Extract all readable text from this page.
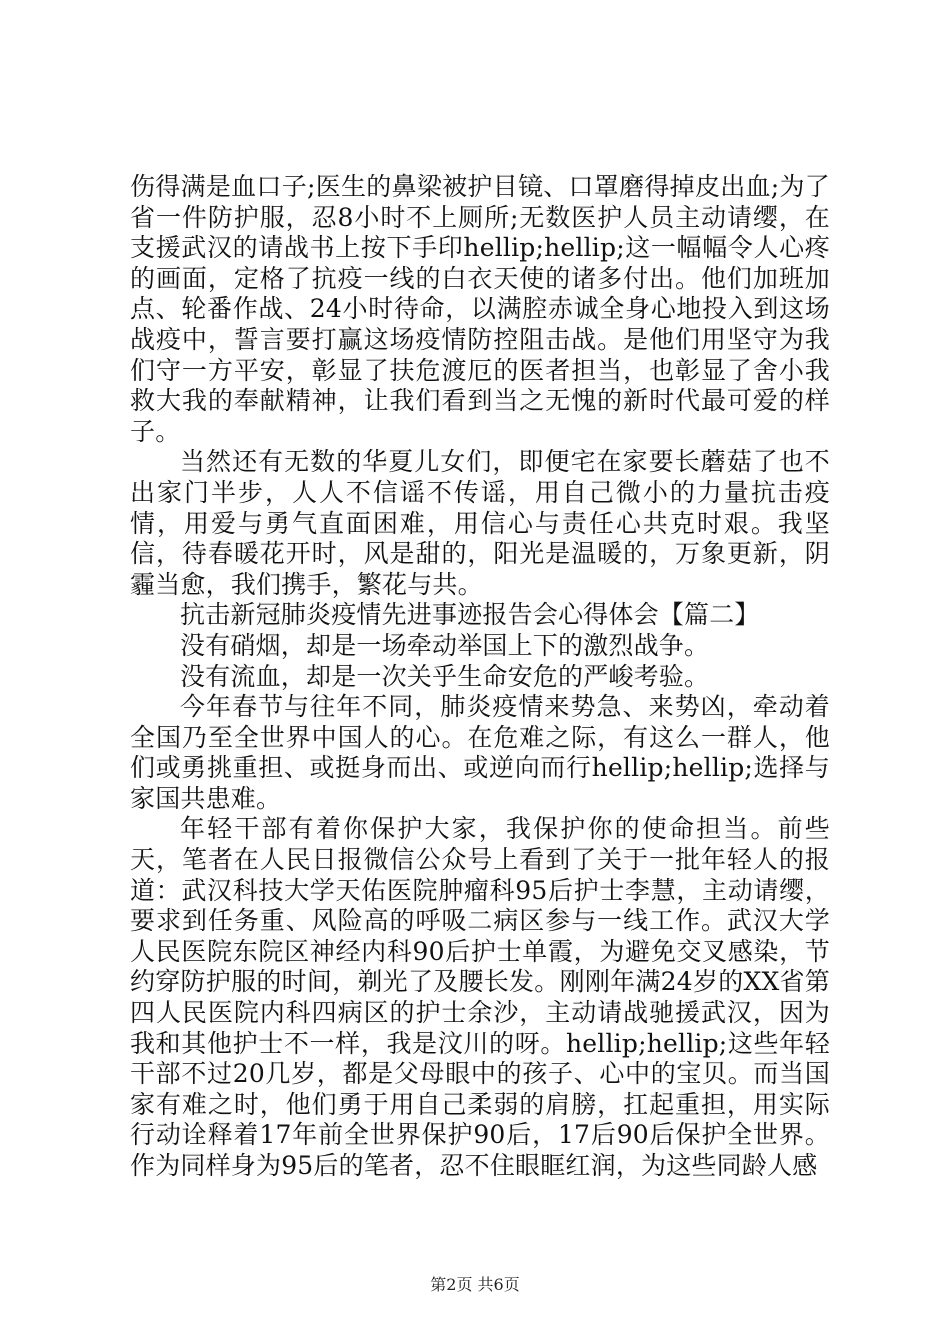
伤得满是血口子;医生的鼻梁被护目镜、口罩磨得掉皮出血;为了省一件防护服，忍8小时不上厕所;无数医护人员主动请缨，在支援武汉的请战书上按下手印hellip;hellip;这一幅幅令人心疼的画面，定格了抗疫一线的白衣天使的诸多付出。他们加班加点、轮番作战、24小时待命，以满腔赤诚全身心地投入到这场战疫中，誓言要打赢这场疫情防控阻击战。是他们用坚守为我们守一方平安，彰显了扶危渡厄的医者担当，也彰显了舍小我救大我的奉献精神，让我们看到当之无愧的新时代最可爱的样子。

当然还有无数的华夏儿女们，即便宅在家要长蘑菇了也不出家门半步，人人不信谣不传谣，用自己微小的力量抗击疫情，用爱与勇气直面困难，用信心与责任心共克时艰。我坚信，待春暖花开时，风是甜的，阳光是温暖的，万象更新，阴霾当愈，我们携手，繁花与共。

抗击新冠肺炎疫情先进事迹报告会心得体会【篇二】

没有硝烟，却是一场牵动举国上下的激烈战争。

没有流血，却是一次关乎生命安危的严峻考验。

今年春节与往年不同，肺炎疫情来势急、来势凶，牵动着全国乃至全世界中国人的心。在危难之际，有这么一群人，他们或勇挑重担、或挺身而出、或逆向而行hellip;hellip;选择与家国共患难。

年轻干部有着你保护大家，我保护你的使命担当。前些天，笔者在人民日报微信公众号上看到了关于一批年轻人的报道：武汉科技大学天佑医院肿瘤科95后护士李慧，主动请缨，要求到任务重、风险高的呼吸二病区参与一线工作。武汉大学人民医院东院区神经内科90后护士单霞，为避免交叉感染，节约穿防护服的时间，剃光了及腰长发。刚刚年满24岁的XX省第四人民医院内科四病区的护士余沙，主动请战驰援武汉，因为我和其他护士不一样，我是汶川的呀。hellip;hellip;这些年轻干部不过20几岁，都是父母眼中的孩子、心中的宝贝。而当国家有难之时，他们勇于用自己柔弱的肩膀，扛起重担，用实际行动诠释着17年前全世界保护90后，17后90后保护全世界。作为同样身为95后的笔者，忍不住眼眶红润，为这些同龄人感

第2页 共6页
